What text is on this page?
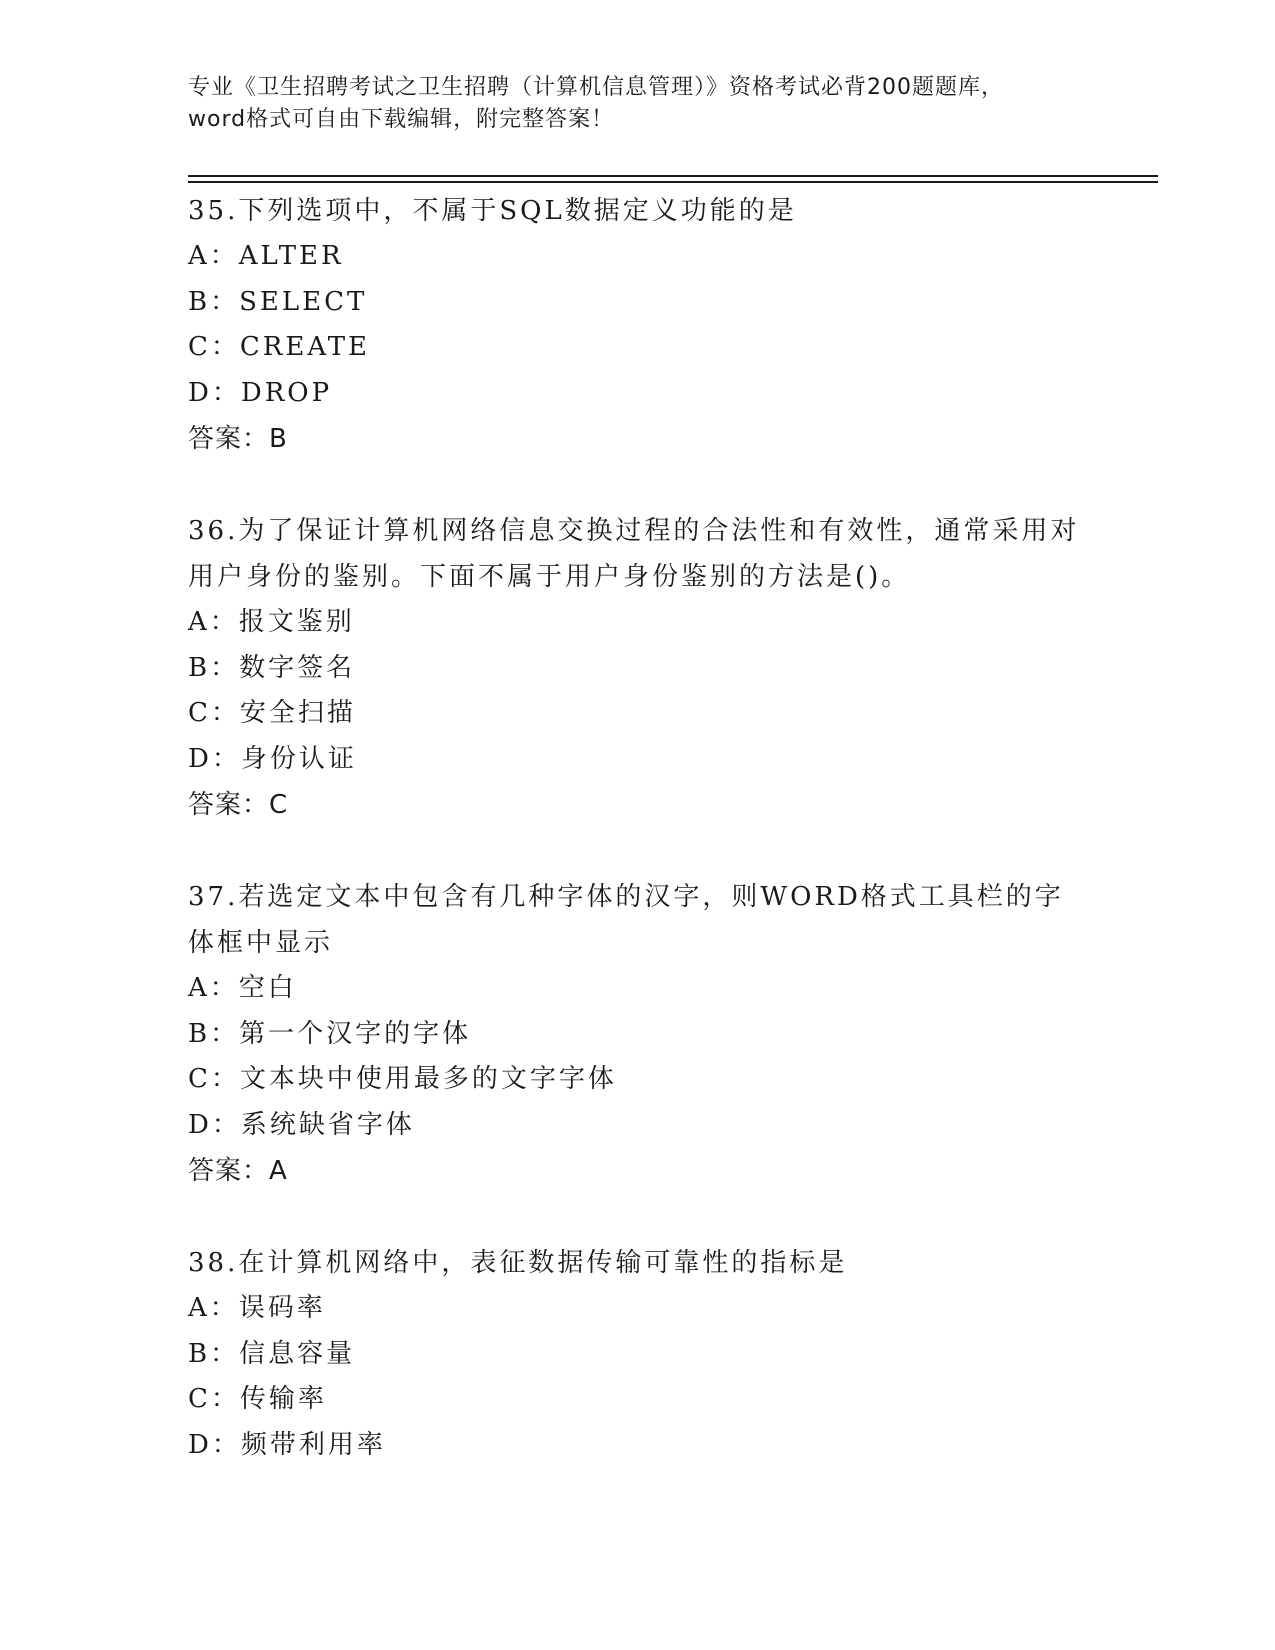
专业《卫生招聘考试之卫生招聘（计算机信息管理）》资格考试必背200题题库，
word格式可自由下载编辑，附完整答案！

35.下列选项中，不属于SQL数据定义功能的是

A：ALTER

B：SELECT

C：CREATE

D：DROP

答案：B

36.为了保证计算机网络信息交换过程的合法性和有效性，通常采用对用户身份的鉴别。下面不属于用户身份鉴别的方法是()。

A：报文鉴别

B：数字签名

C：安全扫描

D：身份认证

答案：C

37.若选定文本中包含有几种字体的汉字，则WORD格式工具栏的字体框中显示

A：空白

B：第一个汉字的字体

C：文本块中使用最多的文字字体

D：系统缺省字体

答案：A

38.在计算机网络中，表征数据传输可靠性的指标是

A：误码率

B：信息容量

C：传输率

D：频带利用率
